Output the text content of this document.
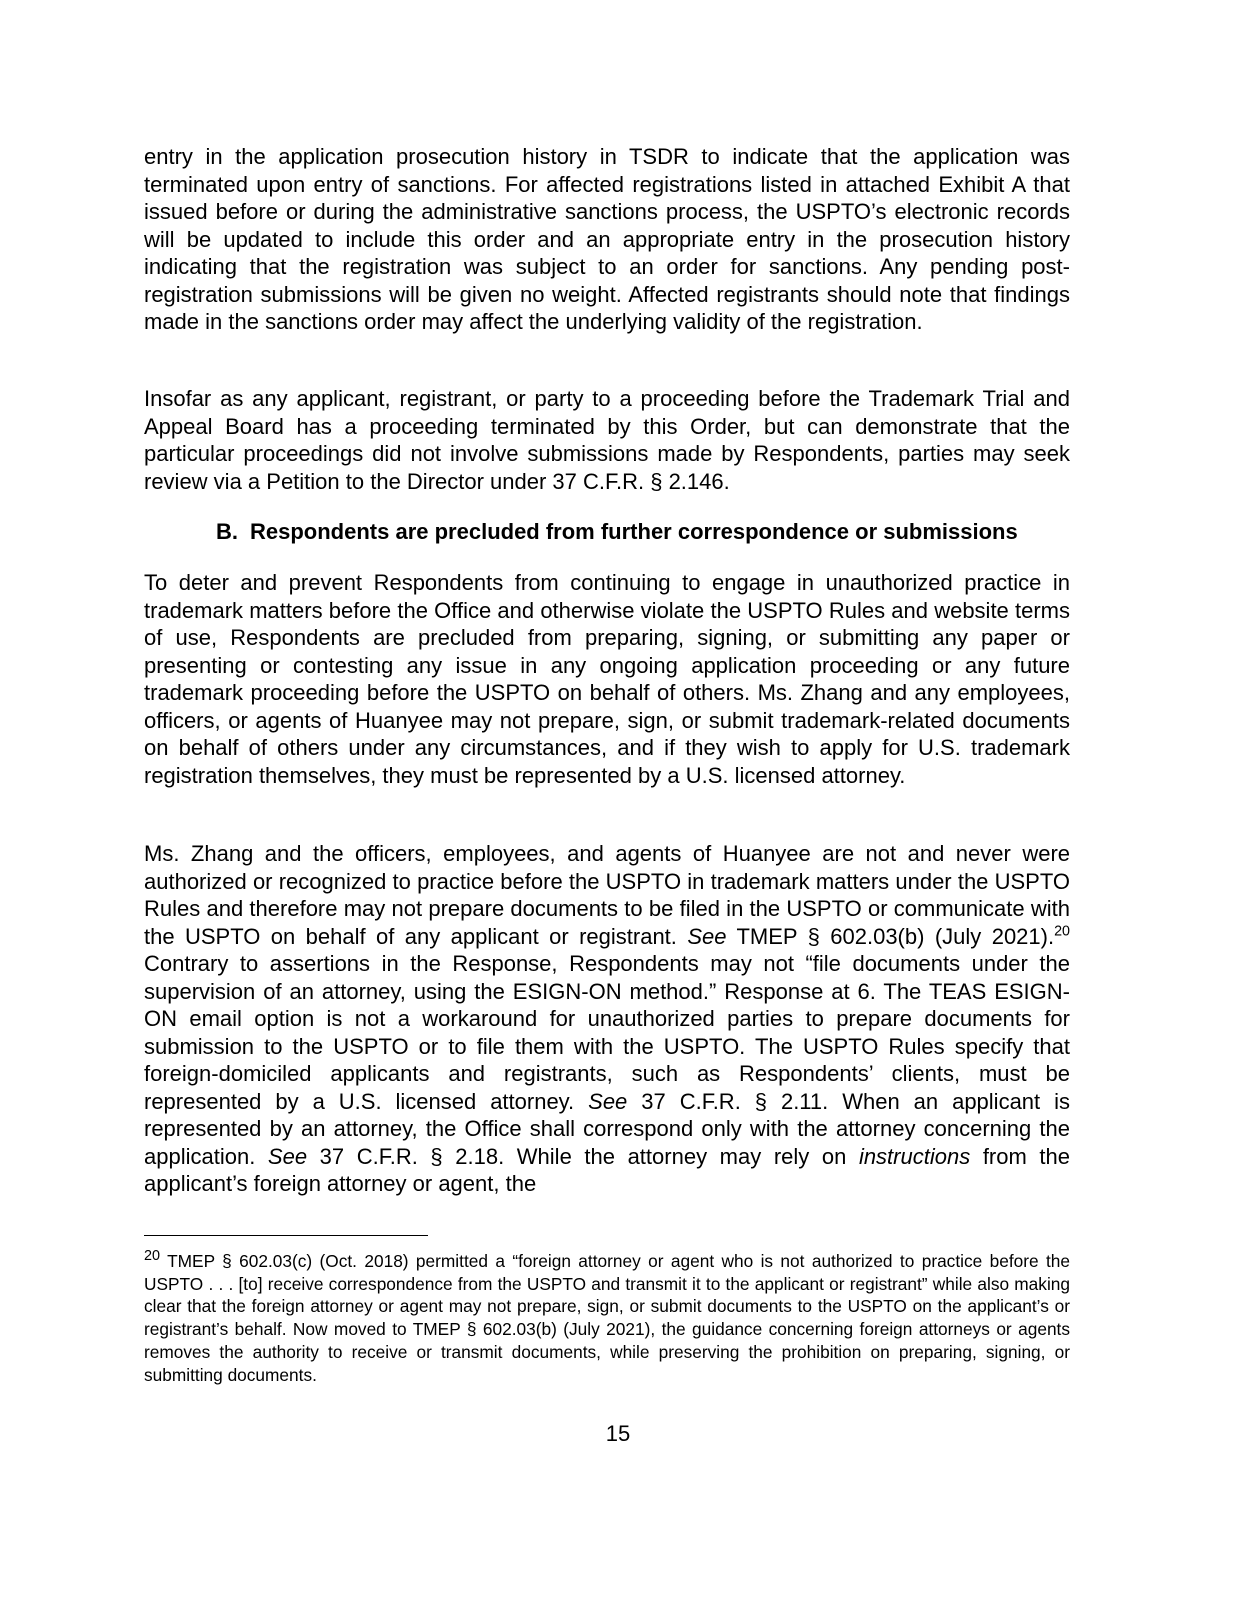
entry in the application prosecution history in TSDR to indicate that the application was terminated upon entry of sanctions. For affected registrations listed in attached Exhibit A that issued before or during the administrative sanctions process, the USPTO’s electronic records will be updated to include this order and an appropriate entry in the prosecution history indicating that the registration was subject to an order for sanctions. Any pending post-registration submissions will be given no weight. Affected registrants should note that findings made in the sanctions order may affect the underlying validity of the registration.

Insofar as any applicant, registrant, or party to a proceeding before the Trademark Trial and Appeal Board has a proceeding terminated by this Order, but can demonstrate that the particular proceedings did not involve submissions made by Respondents, parties may seek review via a Petition to the Director under 37 C.F.R. § 2.146.

B. Respondents are precluded from further correspondence or submissions

To deter and prevent Respondents from continuing to engage in unauthorized practice in trademark matters before the Office and otherwise violate the USPTO Rules and website terms of use, Respondents are precluded from preparing, signing, or submitting any paper or presenting or contesting any issue in any ongoing application proceeding or any future trademark proceeding before the USPTO on behalf of others. Ms. Zhang and any employees, officers, or agents of Huanyee may not prepare, sign, or submit trademark-related documents on behalf of others under any circumstances, and if they wish to apply for U.S. trademark registration themselves, they must be represented by a U.S. licensed attorney.

Ms. Zhang and the officers, employees, and agents of Huanyee are not and never were authorized or recognized to practice before the USPTO in trademark matters under the USPTO Rules and therefore may not prepare documents to be filed in the USPTO or communicate with the USPTO on behalf of any applicant or registrant. See TMEP § 602.03(b) (July 2021).$^{20}$ Contrary to assertions in the Response, Respondents may not “file documents under the supervision of an attorney, using the ESIGN-ON method.” Response at 6. The TEAS ESIGN-ON email option is not a workaround for unauthorized parties to prepare documents for submission to the USPTO or to file them with the USPTO. The USPTO Rules specify that foreign-domiciled applicants and registrants, such as Respondents’ clients, must be represented by a U.S. licensed attorney. See 37 C.F.R. § 2.11. When an applicant is represented by an attorney, the Office shall correspond only with the attorney concerning the application. See 37 C.F.R. § 2.18. While the attorney may rely on instructions from the applicant’s foreign attorney or agent, the

$^{20}$ TMEP § 602.03(c) (Oct. 2018) permitted a “foreign attorney or agent who is not authorized to practice before the USPTO . . . [to] receive correspondence from the USPTO and transmit it to the applicant or registrant” while also making clear that the foreign attorney or agent may not prepare, sign, or submit documents to the USPTO on the applicant’s or registrant’s behalf. Now moved to TMEP § 602.03(b) (July 2021), the guidance concerning foreign attorneys or agents removes the authority to receive or transmit documents, while preserving the prohibition on preparing, signing, or submitting documents.

15
